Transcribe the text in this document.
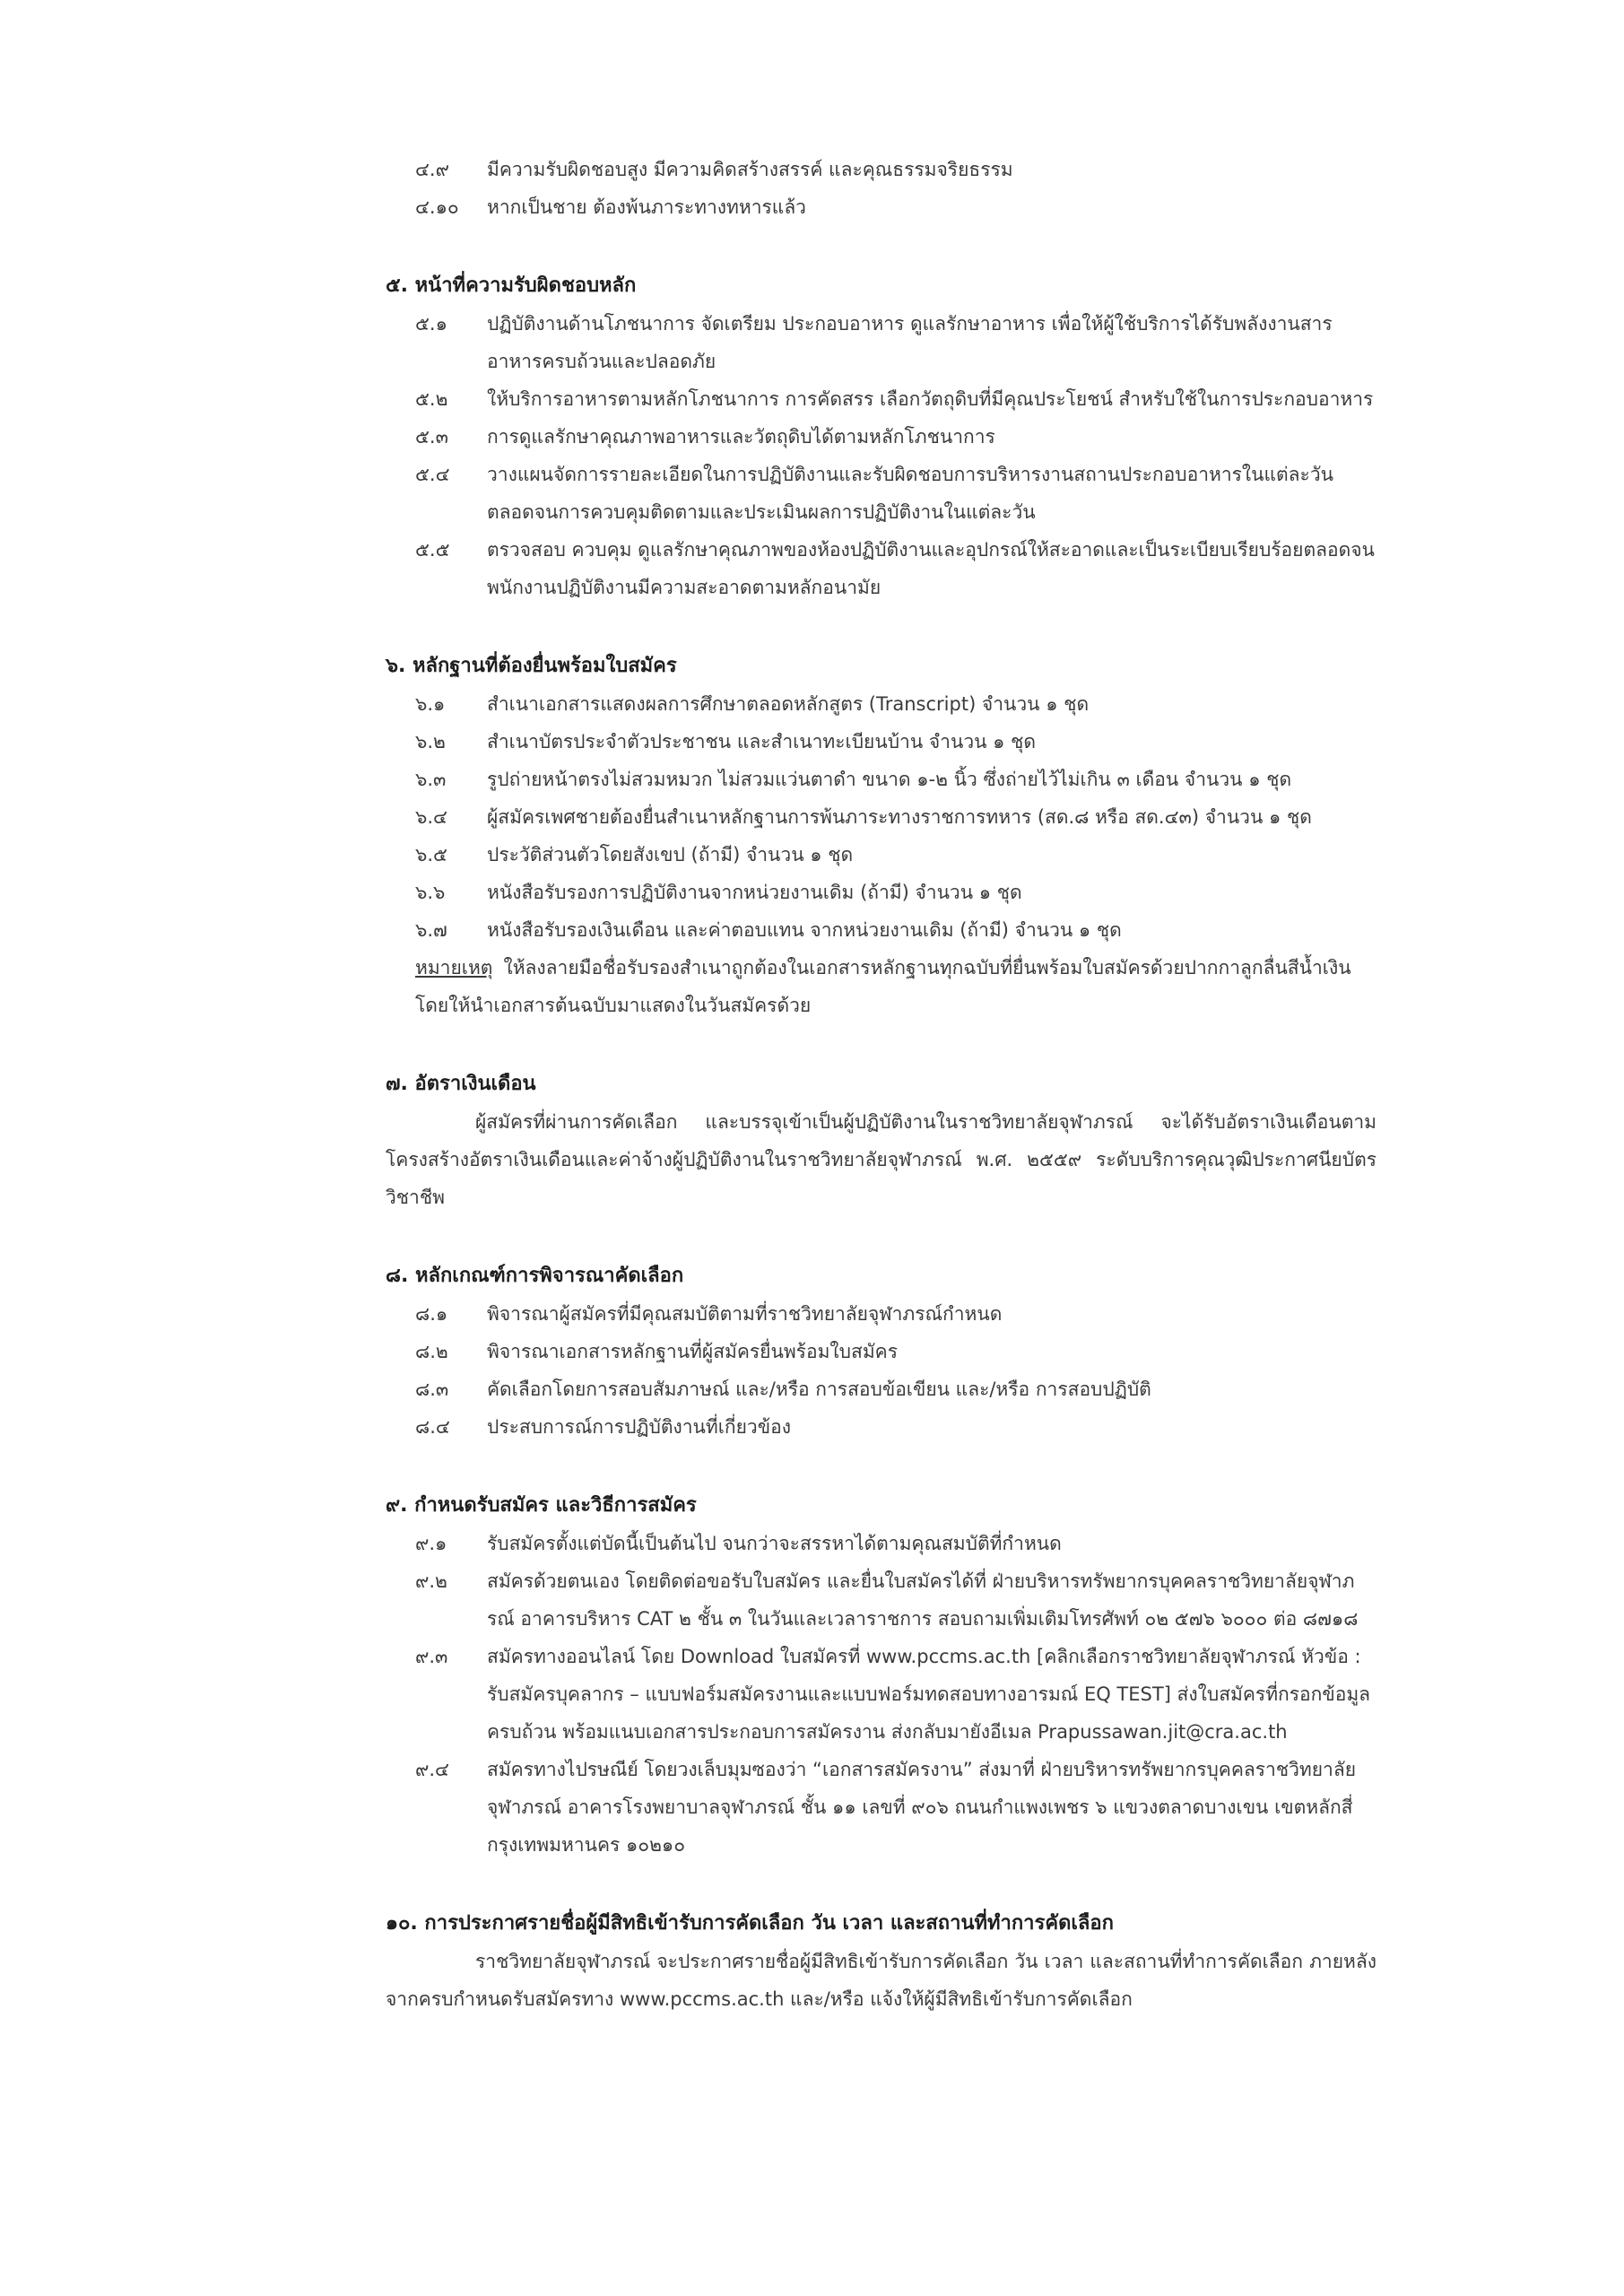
๔.๙ มีความรับผิดชอบสูง มีความคิดสร้างสรรค์ และคุณธรรมจริยธรรม
๔.๑๐ หากเป็นชาย ต้องพ้นภาระทางทหารแล้ว
๕. หน้าที่ความรับผิดชอบหลัก
๕.๑ ปฏิบัติงานด้านโภชนาการ จัดเตรียม ประกอบอาหาร ดูแลรักษาอาหาร เพื่อให้ผู้ใช้บริการได้รับพลังงานสารอาหารครบถ้วนและปลอดภัย
๕.๒ ให้บริการอาหารตามหลักโภชนาการ การคัดสรร เลือกวัตถุดิบที่มีคุณประโยชน์ สำหรับใช้ในการประกอบอาหาร
๕.๓ การดูแลรักษาคุณภาพอาหารและวัตถุดิบได้ตามหลักโภชนาการ
๕.๔ วางแผนจัดการรายละเอียดในการปฏิบัติงานและรับผิดชอบการบริหารงานสถานประกอบอาหารในแต่ละวันตลอดจนการควบคุมติดตามและประเมินผลการปฏิบัติงานในแต่ละวัน
๕.๕ ตรวจสอบ ควบคุม ดูแลรักษาคุณภาพของห้องปฏิบัติงานและอุปกรณ์ให้สะอาดและเป็นระเบียบเรียบร้อยตลอดจนพนักงานปฏิบัติงานมีความสะอาดตามหลักอนามัย
๖. หลักฐานที่ต้องยื่นพร้อมใบสมัคร
๖.๑ สำเนาเอกสารแสดงผลการศึกษาตลอดหลักสูตร (Transcript) จำนวน ๑ ชุด
๖.๒ สำเนาบัตรประจำตัวประชาชน และสำเนาทะเบียนบ้าน จำนวน ๑ ชุด
๖.๓ รูปถ่ายหน้าตรงไม่สวมหมวก ไม่สวมแว่นตาดำ ขนาด ๑-๒ นิ้ว ซึ่งถ่ายไว้ไม่เกิน ๓ เดือน จำนวน ๑ ชุด
๖.๔ ผู้สมัครเพศชายต้องยื่นสำเนาหลักฐานการพ้นภาระทางราชการทหาร (สด.๘ หรือ สด.๔๓) จำนวน ๑ ชุด
๖.๕ ประวัติส่วนตัวโดยสังเขป (ถ้ามี) จำนวน ๑ ชุด
๖.๖ หนังสือรับรองการปฏิบัติงานจากหน่วยงานเดิม (ถ้ามี) จำนวน ๑ ชุด
๖.๗ หนังสือรับรองเงินเดือน และค่าตอบแทน จากหน่วยงานเดิม (ถ้ามี) จำนวน ๑ ชุด
หมายเหตุ ให้ลงลายมือชื่อรับรองสำเนาถูกต้องในเอกสารหลักฐานทุกฉบับที่ยื่นพร้อมใบสมัครด้วยปากกาลูกลื่นสีน้ำเงิน โดยให้นำเอกสารต้นฉบับมาแสดงในวันสมัครด้วย
๗. อัตราเงินเดือน
ผู้สมัครที่ผ่านการคัดเลือก และบรรจุเข้าเป็นผู้ปฏิบัติงานในราชวิทยาลัยจุฬาภรณ์ จะได้รับอัตราเงินเดือนตามโครงสร้างอัตราเงินเดือนและค่าจ้างผู้ปฏิบัติงานในราชวิทยาลัยจุฬาภรณ์ พ.ศ. ๒๕๕๙ ระดับบริการคุณวุฒิประกาศนียบัตรวิชาชีพ
๘. หลักเกณฑ์การพิจารณาคัดเลือก
๘.๑ พิจารณาผู้สมัครที่มีคุณสมบัติตามที่ราชวิทยาลัยจุฬาภรณ์กำหนด
๘.๒ พิจารณาเอกสารหลักฐานที่ผู้สมัครยื่นพร้อมใบสมัคร
๘.๓ คัดเลือกโดยการสอบสัมภาษณ์ และ/หรือ การสอบข้อเขียน และ/หรือ การสอบปฏิบัติ
๘.๔ ประสบการณ์การปฏิบัติงานที่เกี่ยวข้อง
๙. กำหนดรับสมัคร และวิธีการสมัคร
๙.๑ รับสมัครตั้งแต่บัดนี้เป็นต้นไป จนกว่าจะสรรหาได้ตามคุณสมบัติที่กำหนด
๙.๒ สมัครด้วยตนเอง โดยติดต่อขอรับใบสมัคร และยื่นใบสมัครได้ที่ ฝ่ายบริหารทรัพยากรบุคคลราชวิทยาลัยจุฬาภรณ์ อาคารบริหาร CAT ๒ ชั้น ๓ ในวันและเวลาราชการ สอบถามเพิ่มเติมโทรศัพท์ ๐๒ ๕๗๖ ๖๐๐๐ ต่อ ๘๗๑๘
๙.๓ สมัครทางออนไลน์ โดย Download ใบสมัครที่ www.pccms.ac.th [คลิกเลือกราชวิทยาลัยจุฬาภรณ์ หัวข้อ : รับสมัครบุคลากร – แบบฟอร์มสมัครงานและแบบฟอร์มทดสอบทางอารมณ์ EQ TEST] ส่งใบสมัครที่กรอกข้อมูลครบถ้วน พร้อมแนบเอกสารประกอบการสมัครงาน ส่งกลับมายังอีเมล Prapussawan.jit@cra.ac.th
๙.๔ สมัครทางไปรษณีย์ โดยวงเล็บมุมซองว่า “เอกสารสมัครงาน” ส่งมาที่ ฝ่ายบริหารทรัพยากรบุคคลราชวิทยาลัยจุฬาภรณ์ อาคารโรงพยาบาลจุฬาภรณ์ ชั้น ๑๑ เลขที่ ๙๐๖ ถนนกำแพงเพชร ๖ แขวงตลาดบางเขน เขตหลักสี่ กรุงเทพมหานคร ๑๐๒๑๐
๑๐. การประกาศรายชื่อผู้มีสิทธิเข้ารับการคัดเลือก วัน เวลา และสถานที่ทำการคัดเลือก
ราชวิทยาลัยจุฬาภรณ์ จะประกาศรายชื่อผู้มีสิทธิเข้ารับการคัดเลือก วัน เวลา และสถานที่ทำการคัดเลือก ภายหลังจากครบกำหนดรับสมัครทาง www.pccms.ac.th และ/หรือ แจ้งให้ผู้มีสิทธิเข้ารับการคัดเลือก
